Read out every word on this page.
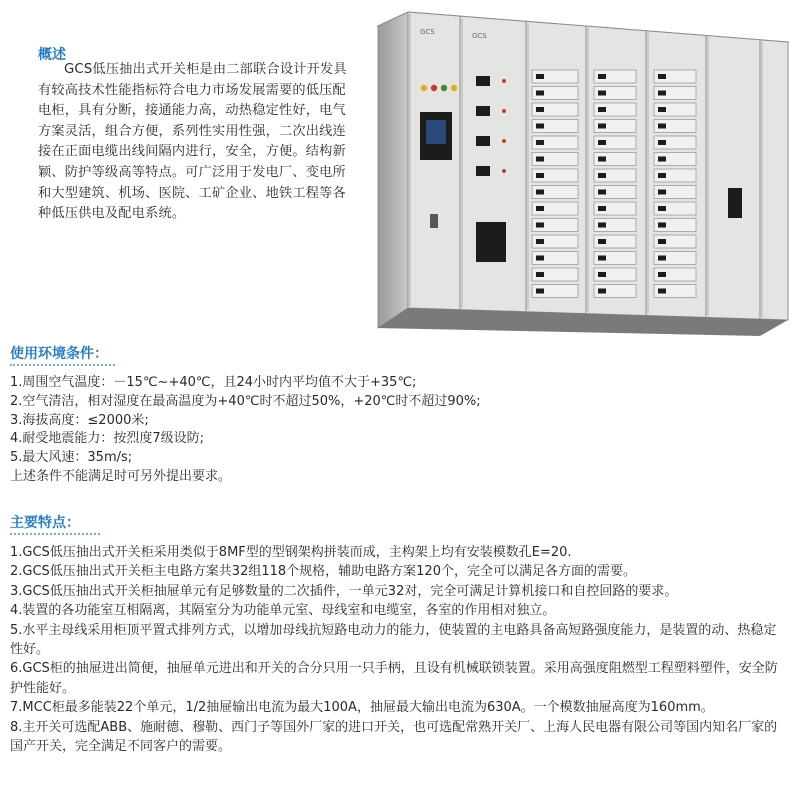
概述

GCS低压抽出式开关柜是由二部联合设计开发具有较高技术性能指标符合电力市场发展需要的低压配电柜，具有分断，接通能力高，动热稳定性好，电气方案灵活，组合方便，系列性实用性强，二次出线连接在正面电缆出线间隔内进行，安全，方便。结构新颖、防护等级高等特点。可广泛用于发电厂、变电所和大型建筑、机场、医院、工矿企业、地铁工程等各种低压供电及配电系统。

GCS	GCS
使用环境条件：
1.周围空气温度：－15℃~+40℃，且24小时内平均值不大于+35℃;
2.空气清洁，相对湿度在最高温度为+40℃时不超过50%，+20℃时不超过90%;
3.海拔高度：≤2000米;
4.耐受地震能力：按烈度7级设防;
5.最大风速：35m/s;
上述条件不能满足时可另外提出要求。
主要特点：
1.GCS低压抽出式开关柜采用类似于8MF型的型钢架构拼装而成，主构架上均有安装模数孔E=20.
2.GCS低压抽出式开关柜主电路方案共32组118个规格，辅助电路方案120个，完全可以满足各方面的需要。
3.GCS低压抽出式开关柜抽屉单元有足够数量的二次插件，一单元32对，完全可满足计算机接口和自控回路的要求。
4.装置的各功能室互相隔离，其隔室分为功能单元室、母线室和电缆室，各室的作用相对独立。
5.水平主母线采用柜顶平置式排列方式，以增加母线抗短路电动力的能力，使装置的主电路具备高短路强度能力，是装置的动、热稳定性好。
6.GCS柜的抽屉进出简便，抽屉单元进出和开关的合分只用一只手柄，且设有机械联锁装置。采用高强度阻燃型工程塑料塑件，安全防护性能好。
7.MCC柜最多能装22个单元，1/2抽屉输出电流为最大100A，抽屉最大输出电流为630A。一个模数抽屉高度为160mm。
8.主开关可选配ABB、施耐德、穆勒、西门子等国外厂家的进口开关，也可选配常熟开关厂、上海人民电器有限公司等国内知名厂家的国产开关，完全满足不同客户的需要。
